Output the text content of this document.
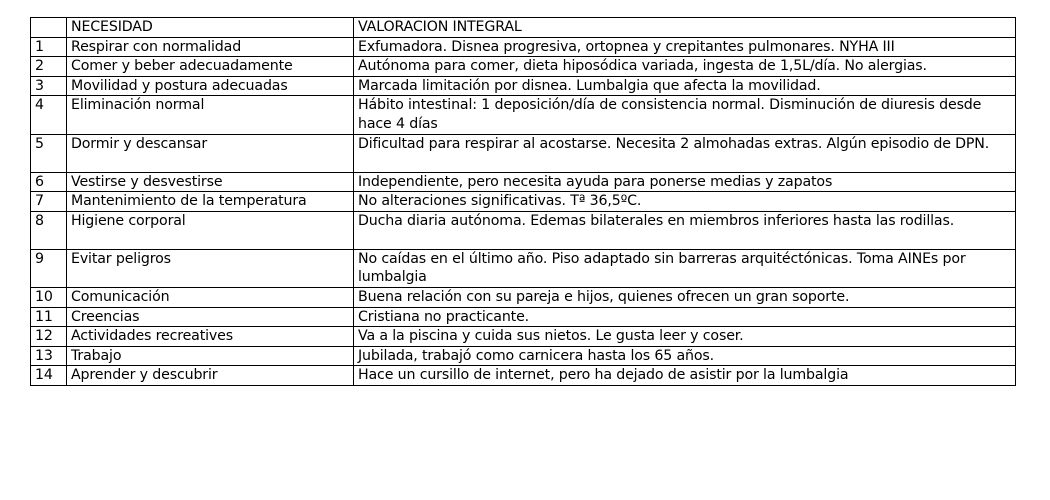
	NECESIDAD	VALORACION INTEGRAL
1	Respirar con normalidad	Exfumadora. Disnea progresiva, ortopnea y crepitantes pulmonares. NYHA III
2	Comer y beber adecuadamente	Autónoma para comer, dieta hiposódica variada, ingesta de 1,5L/día. No alergias.
3	Movilidad y postura adecuadas	Marcada limitación por disnea. Lumbalgia que afecta la movilidad.
4	Eliminación normal	Hábito intestinal: 1 deposición/día de consistencia normal. Disminución de diuresis desde hace 4 días
5	Dormir y descansar	Dificultad para respirar al acostarse. Necesita 2 almohadas extras. Algún episodio de DPN.
6	Vestirse y desvestirse	Independiente, pero necesita ayuda para ponerse medias y zapatos
7	Mantenimiento de la temperatura	No alteraciones significativas. Tª 36,5ºC.
8	Higiene corporal	Ducha diaria autónoma. Edemas bilaterales en miembros inferiores hasta las rodillas.
9	Evitar peligros	No caídas en el último año. Piso adaptado sin barreras arquitéctónicas. Toma AINEs por lumbalgia
10	Comunicación	Buena relación con su pareja e hijos, quienes ofrecen un gran soporte.
11	Creencias	Cristiana no practicante.
12	Actividades recreatives	Va a la piscina y cuida sus nietos. Le gusta leer y coser.
13	Trabajo	Jubilada, trabajó como carnicera hasta los 65 años.
14	Aprender y descubrir	Hace un cursillo de internet, pero ha dejado de asistir por la lumbalgia
